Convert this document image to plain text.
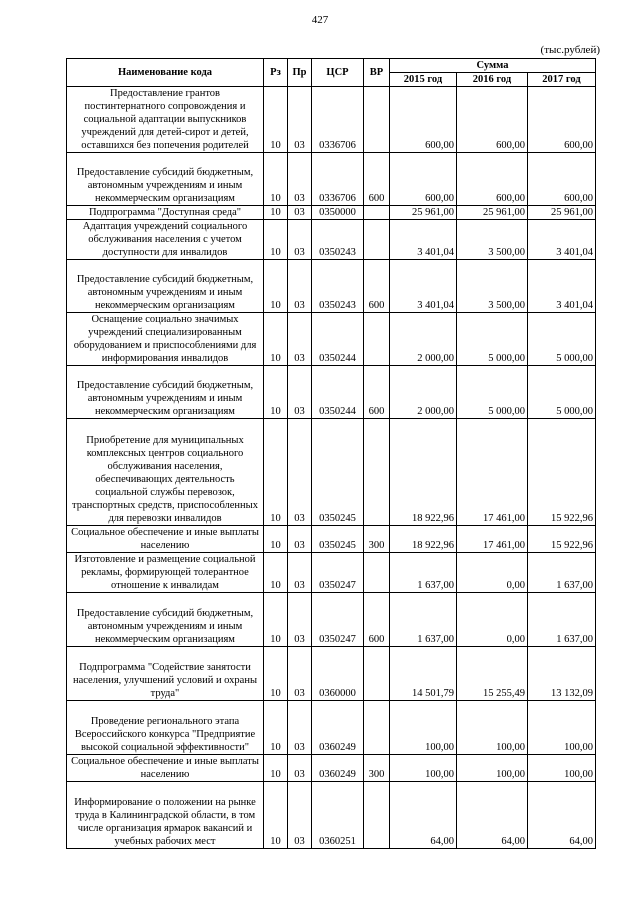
427
(тыс.рублей)
Наименование кода	Рз	Пр	ЦСР	ВР	Сумма		
					2015 год	2016 год	2017 год
Предоставление грантов постинтернатного сопровождения и социальной адаптации выпускников учреждений для детей-сирот и детей, оставшихся без попечения родителей	10	03	0336706		600,00	600,00	600,00
Предоставление субсидий бюджетным, автономным учреждениям и иным некоммерческим организациям	10	03	0336706	600	600,00	600,00	600,00
Подпрограмма "Доступная среда"	10	03	0350000		25 961,00	25 961,00	25 961,00
Адаптация учреждений социального обслуживания населения с учетом доступности для инвалидов	10	03	0350243		3 401,04	3 500,00	3 401,04
Предоставление субсидий бюджетным, автономным учреждениям и иным некоммерческим организациям	10	03	0350243	600	3 401,04	3 500,00	3 401,04
Оснащение социально значимых учреждений специализированным оборудованием и приспособлениями для информирования инвалидов	10	03	0350244		2 000,00	5 000,00	5 000,00
Предоставление субсидий бюджетным, автономным учреждениям и иным некоммерческим организациям	10	03	0350244	600	2 000,00	5 000,00	5 000,00
Приобретение для муниципальных комплексных центров социального обслуживания населения, обеспечивающих деятельность социальной службы перевозок, транспортных средств, приспособленных для перевозки инвалидов	10	03	0350245		18 922,96	17 461,00	15 922,96
Социальное обеспечение и иные выплаты населению	10	03	0350245	300	18 922,96	17 461,00	15 922,96
Изготовление и размещение социальной рекламы, формирующей толерантное отношение к инвалидам	10	03	0350247		1 637,00	0,00	1 637,00
Предоставление субсидий бюджетным, автономным учреждениям и иным некоммерческим организациям	10	03	0350247	600	1 637,00	0,00	1 637,00
Подпрограмма "Содействие занятости населения, улучшений условий и охраны труда"	10	03	0360000		14 501,79	15 255,49	13 132,09
Проведение регионального этапа Всероссийского конкурса "Предприятие высокой социальной эффективности"	10	03	0360249		100,00	100,00	100,00
Социальное обеспечение и иные выплаты населению	10	03	0360249	300	100,00	100,00	100,00
Информирование о положении на рынке труда в Калининградской области, в том числе организация ярмарок вакансий и учебных рабочих мест	10	03	0360251		64,00	64,00	64,00
